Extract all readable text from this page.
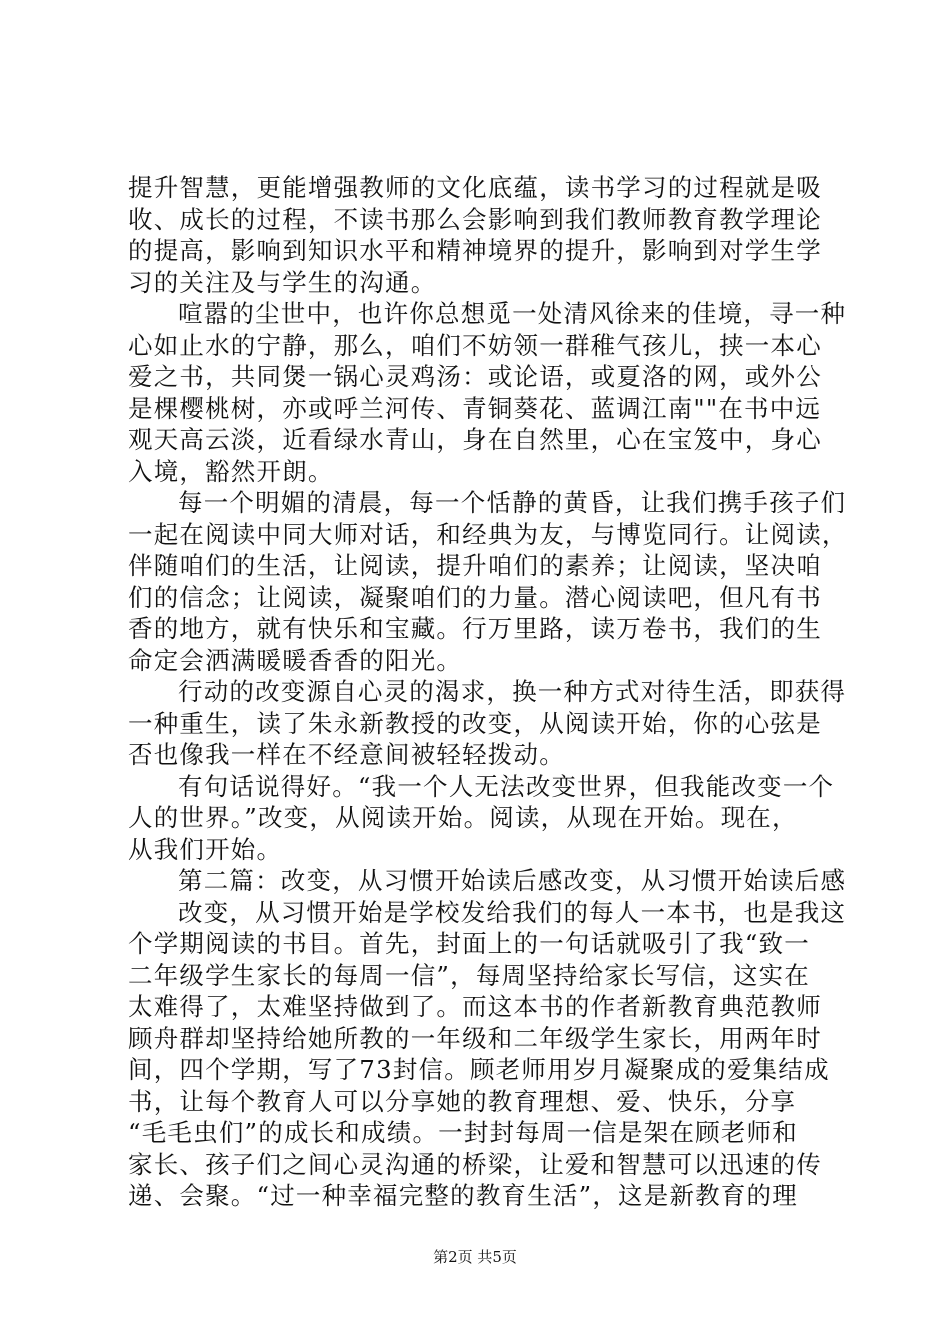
提升智慧，更能增强教师的文化底蕴，读书学习的过程就是吸
收、成长的过程，不读书那么会影响到我们教师教育教学理论
的提高，影响到知识水平和精神境界的提升，影响到对学生学
习的关注及与学生的沟通。
喧嚣的尘世中，也许你总想觅一处清风徐来的佳境，寻一种
心如止水的宁静，那么，咱们不妨领一群稚气孩儿，挟一本心
爱之书，共同煲一锅心灵鸡汤：或论语，或夏洛的网，或外公
是棵樱桃树，亦或呼兰河传、青铜葵花、蓝调江南""在书中远
观天高云淡，近看绿水青山，身在自然里，心在宝笈中，身心
入境，豁然开朗。
每一个明媚的清晨，每一个恬静的黄昏，让我们携手孩子们
一起在阅读中同大师对话，和经典为友，与博览同行。让阅读，
伴随咱们的生活，让阅读，提升咱们的素养；让阅读，坚决咱
们的信念；让阅读，凝聚咱们的力量。潜心阅读吧，但凡有书
香的地方，就有快乐和宝藏。行万里路，读万卷书，我们的生
命定会洒满暖暖香香的阳光。
行动的改变源自心灵的渴求，换一种方式对待生活，即获得
一种重生，读了朱永新教授的改变，从阅读开始，你的心弦是
否也像我一样在不经意间被轻轻拨动。
有句话说得好。“我一个人无法改变世界，但我能改变一个
人的世界。”改变，从阅读开始。阅读，从现在开始。现在，
从我们开始。
第二篇：改变，从习惯开始读后感改变，从习惯开始读后感
改变，从习惯开始是学校发给我们的每人一本书，也是我这
个学期阅读的书目。首先，封面上的一句话就吸引了我“致一
二年级学生家长的每周一信”，每周坚持给家长写信，这实在
太难得了，太难坚持做到了。而这本书的作者新教育典范教师
顾舟群却坚持给她所教的一年级和二年级学生家长，用两年时
间，四个学期，写了73封信。顾老师用岁月凝聚成的爱集结成
书，让每个教育人可以分享她的教育理想、爱、快乐，分享
“毛毛虫们”的成长和成绩。一封封每周一信是架在顾老师和
家长、孩子们之间心灵沟通的桥梁，让爱和智慧可以迅速的传
递、会聚。“过一种幸福完整的教育生活”，这是新教育的理
第2页 共5页
